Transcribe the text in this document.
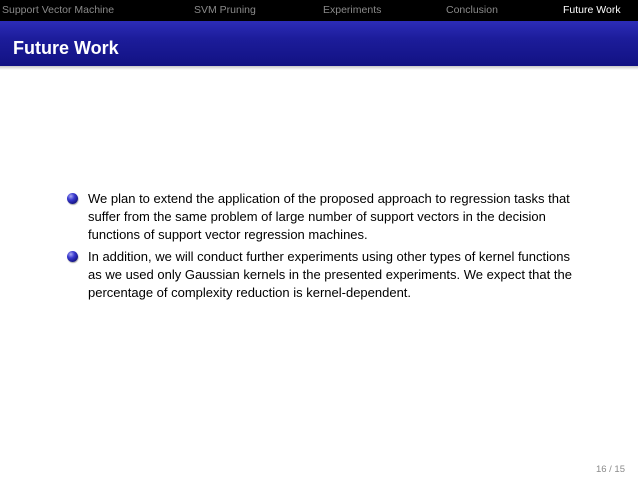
Support Vector Machine	SVM Pruning	Experiments	Conclusion	Future Work
Future Work
We plan to extend the application of the proposed approach to regression tasks that suffer from the same problem of large number of support vectors in the decision functions of support vector regression machines.
In addition, we will conduct further experiments using other types of kernel functions as we used only Gaussian kernels in the presented experiments. We expect that the percentage of complexity reduction is kernel-dependent.
16 / 15
